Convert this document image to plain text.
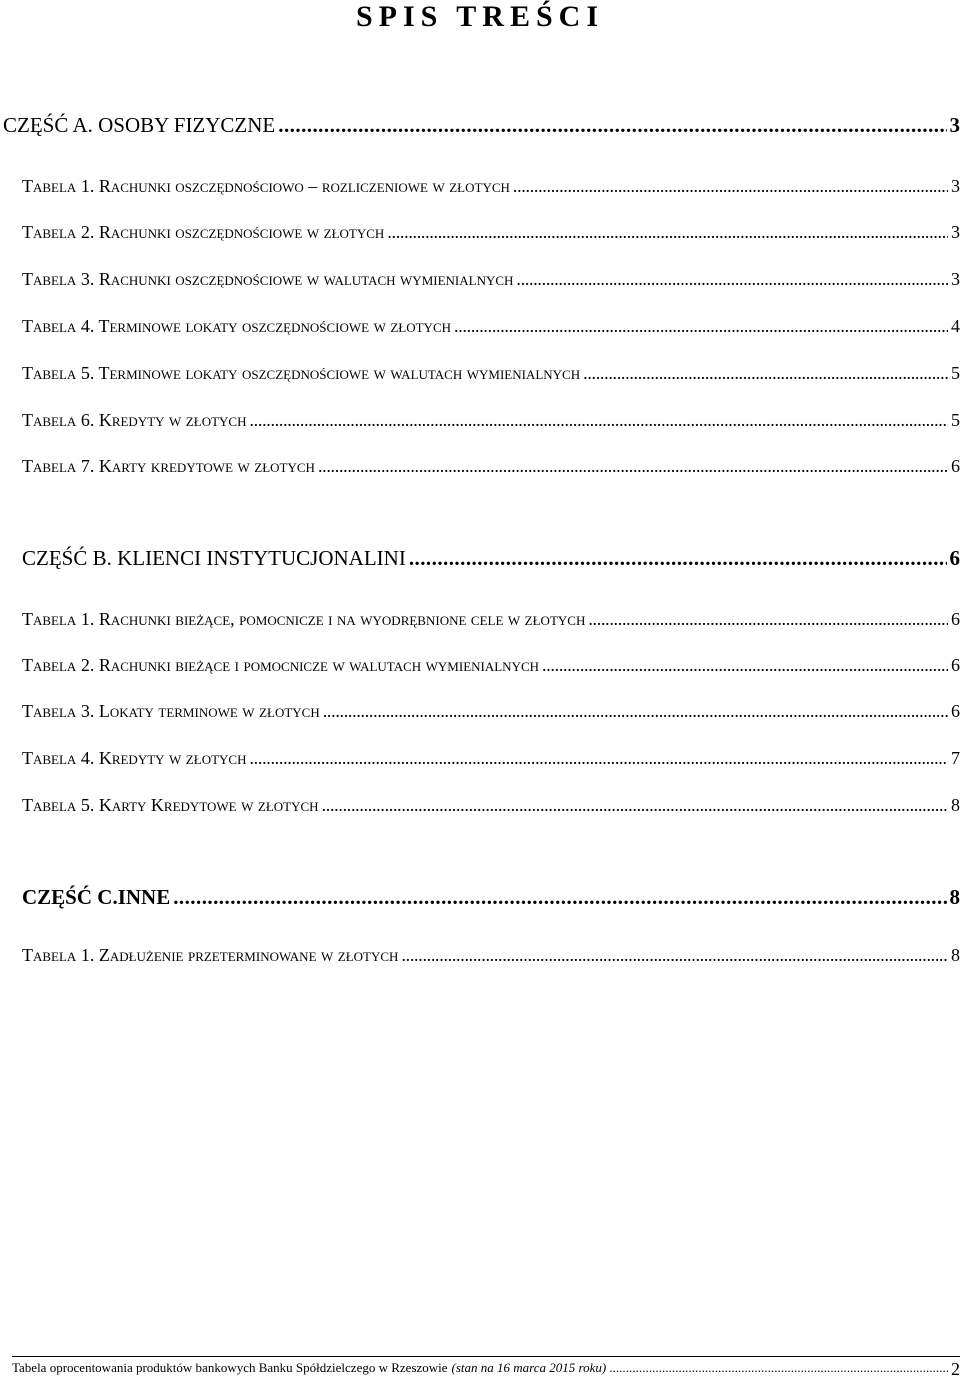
SPIS TREŚCI
CZĘŚĆ A. OSOBY FIZYCZNE . . .	3
Tabela 1. Rachunki oszczędnościowo – rozliczeniowe w złotych . . .	3
Tabela 2. Rachunki oszczędnościowe w złotych . . .	3
Tabela 3. Rachunki oszczędnościowe w walutach wymienialnych . . .	3
Tabela 4. Terminowe lokaty oszczędnościowe w złotych . . .	4
Tabela 5. Terminowe lokaty oszczędnościowe w walutach wymienialnych . . .	5
Tabela 6. Kredyty w złotych . . .	5
Tabela 7. Karty kredytowe w złotych . . .	6
CZĘŚĆ B. KLIENCI INSTYTUCJONALINI . . .	6
Tabela 1. Rachunki bieżące, pomocnicze i na wyodrębnione cele w złotych . . .	6
Tabela 2. Rachunki bieżące i pomocnicze w walutach wymienialnych . . .	6
Tabela 3. Lokaty terminowe w złotych . . .	6
Tabela 4. Kredyty w złotych . . .	7
Tabela 5. Karty Kredytowe w złotych . . .	8
CZĘŚĆ C.INNE . . .	8
Tabela 1. Zadłużenie przeterminowane w złotych . . .	8
Tabela oprocentowania produktów bankowych Banku Spółdzielczego w Rzeszowie (stan na 16 marca 2015 roku) . . .	2
